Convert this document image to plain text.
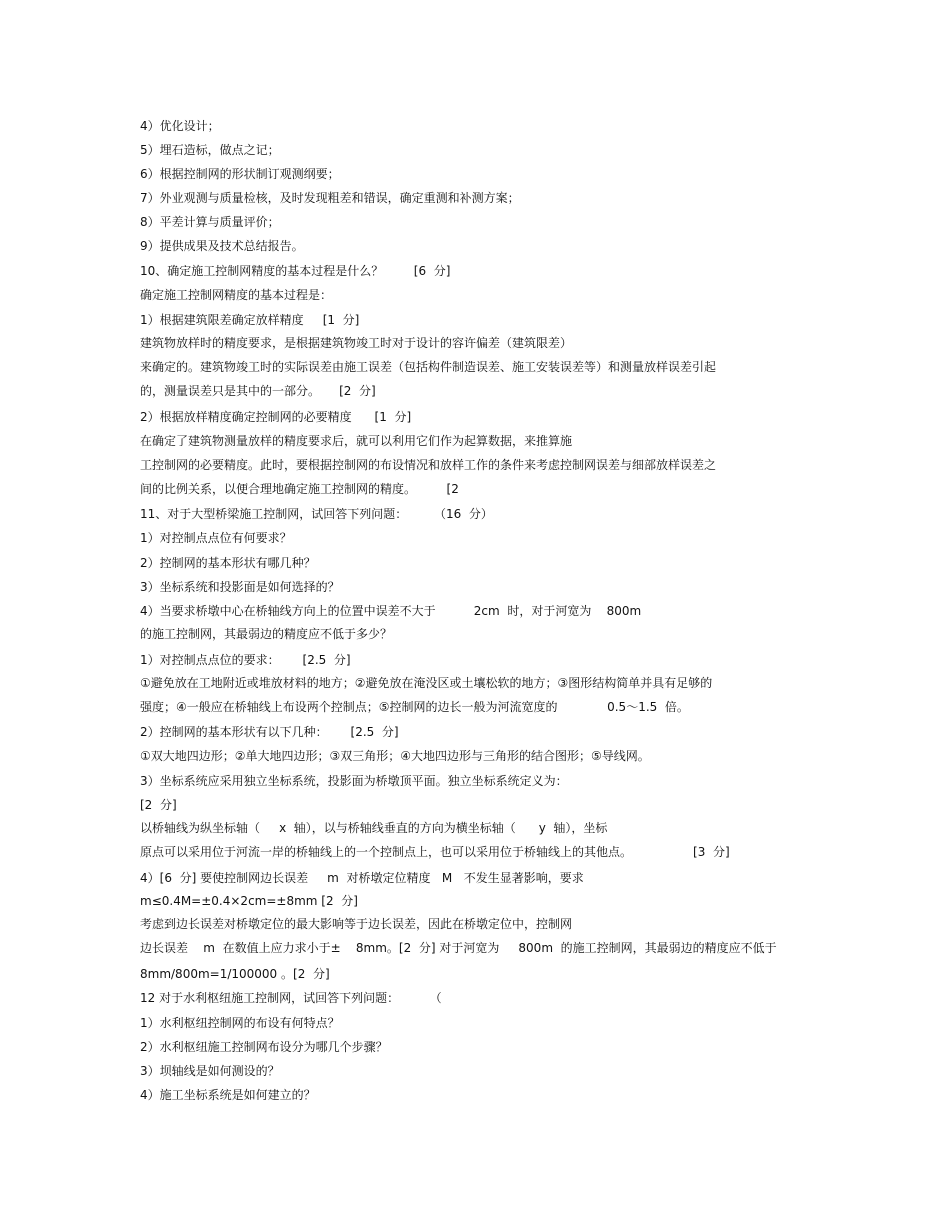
4）优化设计；
5）埋石造标，做点之记；
6）根据控制网的形状制订观测纲要；
7）外业观测与质量检核，及时发现粗差和错误，确定重测和补测方案；
8）平差计算与质量评价；
9）提供成果及技术总结报告。
10、确定施工控制网精度的基本过程是什么？        [6  分]
确定施工控制网精度的基本过程是：
1）根据建筑限差确定放样精度     [1  分]
建筑物放样时的精度要求，是根据建筑物竣工时对于设计的容许偏差（建筑限差）
来确定的。建筑物竣工时的实际误差由施工误差（包括构件制造误差、施工安装误差等）和测量放样误差引起
的，测量误差只是其中的一部分。     [2  分]
2）根据放样精度确定控制网的必要精度      [1  分]
在确定了建筑物测量放样的精度要求后，就可以利用它们作为起算数据，来推算施
工控制网的必要精度。此时，要根据控制网的布设情况和放样工作的条件来考虑控制网误差与细部放样误差之
间的比例关系，以便合理地确定施工控制网的精度。        [2
11、对于大型桥梁施工控制网，试回答下列问题：       （16  分）
1）对控制点点位有何要求？
2）控制网的基本形状有哪几种？
3）坐标系统和投影面是如何选择的？
4）当要求桥墩中心在桥轴线方向上的位置中误差不大于          2cm  时，对于河宽为    800m
的施工控制网，其最弱边的精度应不低于多少？
1）对控制点点位的要求：      [2.5  分]
①避免放在工地附近或堆放材料的地方；②避免放在淹没区或土壤松软的地方；③图形结构简单并具有足够的
强度；④一般应在桥轴线上布设两个控制点；⑤控制网的边长一般为河流宽度的             0.5～1.5  倍。
2）控制网的基本形状有以下几种：      [2.5  分]
①双大地四边形；②单大地四边形；③双三角形；④大地四边形与三角形的结合图形；⑤导线网。
3）坐标系统应采用独立坐标系统，投影面为桥墩顶平面。独立坐标系统定义为：
[2  分]
以桥轴线为纵坐标轴（     x  轴），以与桥轴线垂直的方向为横坐标轴（      y  轴），坐标
原点可以采用位于河流一岸的桥轴线上的一个控制点上，也可以采用位于桥轴线上的其他点。                [3  分]
4）[6  分] 要使控制网边长误差     m  对桥墩定位精度   M   不发生显著影响，要求
m≤0.4M=±0.4×2cm=±8mm [2  分]
考虑到边长误差对桥墩定位的最大影响等于边长误差，因此在桥墩定位中，控制网
边长误差    m  在数值上应力求小于±    8mm。[2  分] 对于河宽为     800m  的施工控制网，其最弱边的精度应不低于
8mm/800m=1/100000 。[2  分]
12 对于水利枢纽施工控制网，试回答下列问题：        （
1）水利枢纽控制网的布设有何特点？
2）水利枢纽施工控制网布设分为哪几个步骤？
3）坝轴线是如何测设的？
4）施工坐标系统是如何建立的？
